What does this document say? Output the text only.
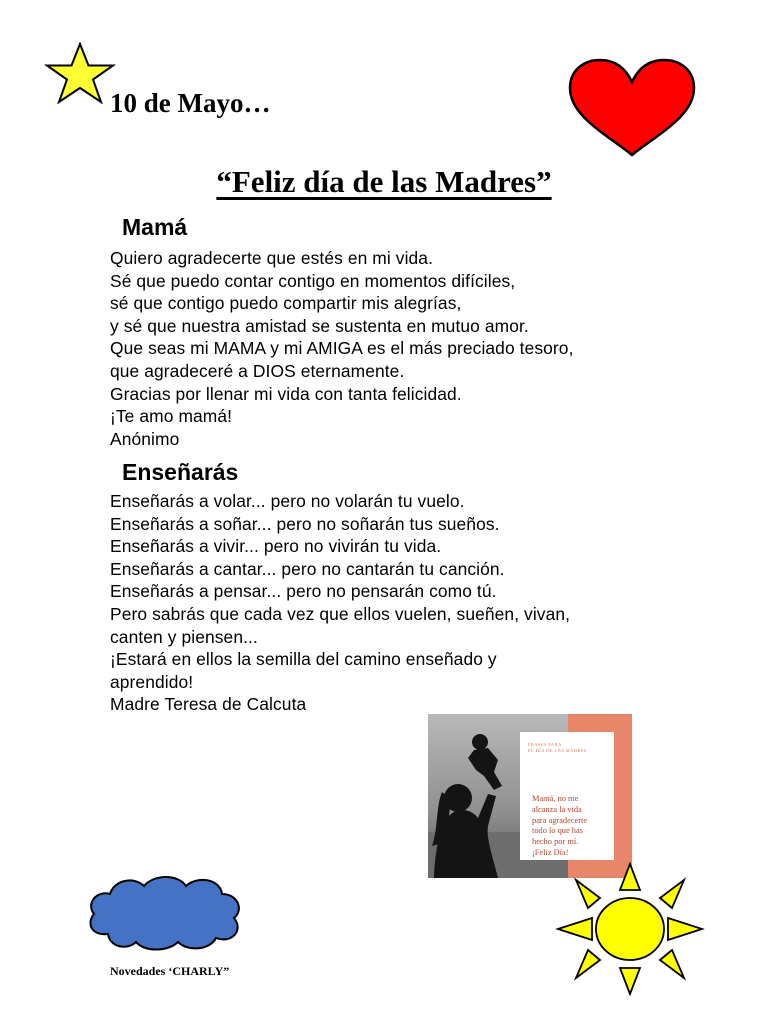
10 de Mayo…
“Feliz día de las Madres”
Mamá
Quiero agradecerte que estés en mi vida.
Sé que puedo contar contigo en momentos difíciles,
sé que contigo puedo compartir mis alegrías,
y sé que nuestra amistad se sustenta en mutuo amor.
Que seas mi MAMA y mi AMIGA es el más preciado tesoro,
que agradeceré a DIOS eternamente.
Gracias por llenar mi vida con tanta felicidad.
¡Te amo mamá!
Anónimo
Enseñarás
Enseñarás a volar... pero no volarán tu vuelo.
Enseñarás a soñar... pero no soñarán tus sueños.
Enseñarás a vivir... pero no vivirán tu vida.
Enseñarás a cantar... pero no cantarán tu canción.
Enseñarás a pensar... pero no pensarán como tú.
Pero sabrás que cada vez que ellos vuelen, sueñen, vivan,
canten y piensen...
¡Estará en ellos la semilla del camino enseñado y
aprendido!
Madre Teresa de Calcuta
FRASES PARA
EL DÍA DE LAS MADRES
Mamá, no me
alcanza la vida
para agradecerte
todo lo que has
hecho por mí.
¡Feliz Día!
Novedades ‘CHARLY”
